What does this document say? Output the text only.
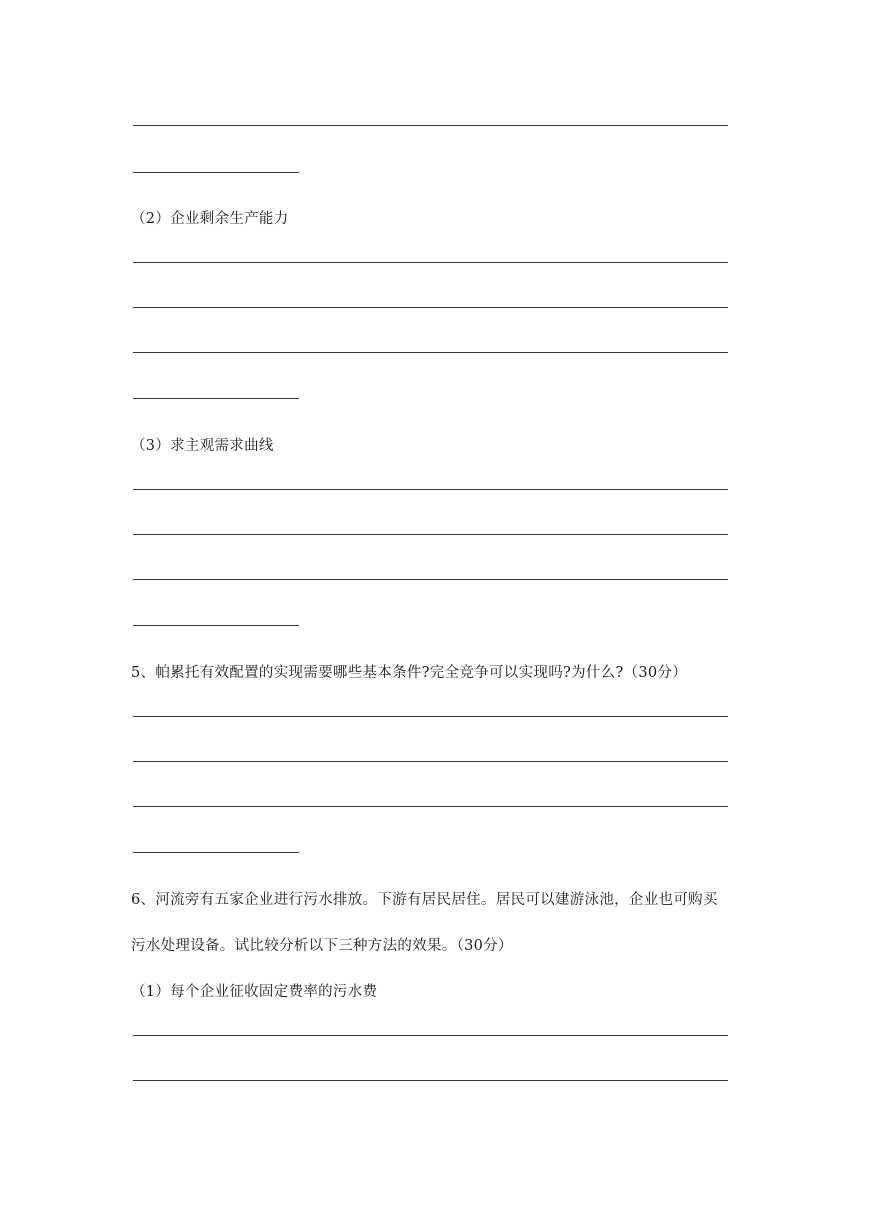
（2）企业剩余生产能力
（3）求主观需求曲线
5、帕累托有效配置的实现需要哪些基本条件?完全竞争可以实现吗?为什么?（30分）
6、河流旁有五家企业进行污水排放。下游有居民居住。居民可以建游泳池，企业也可购买
污水处理设备。试比较分析以下三种方法的效果。（30分）
（1）每个企业征收固定费率的污水费
